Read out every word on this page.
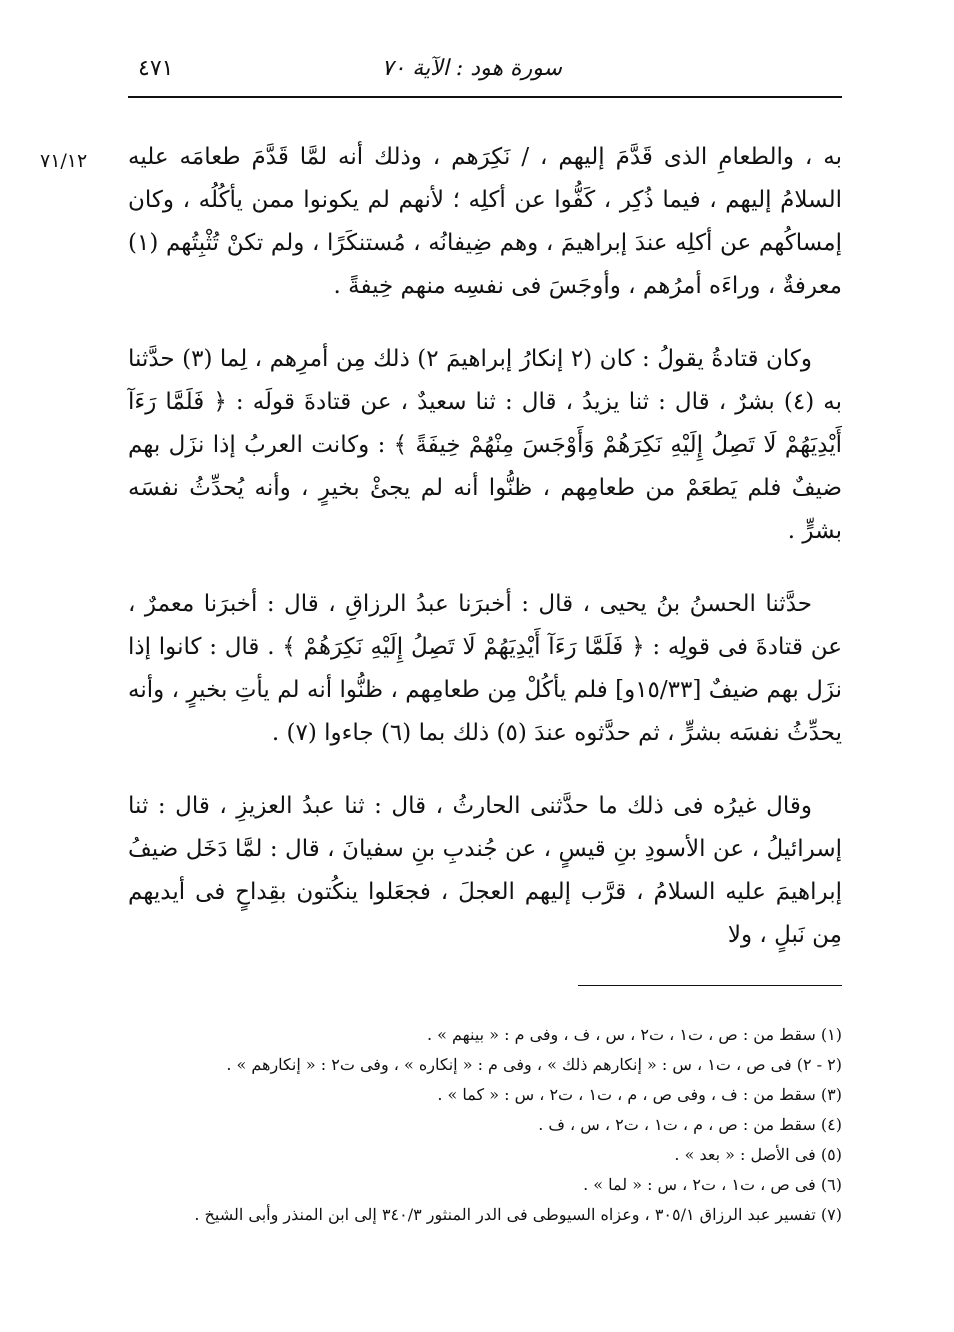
سورة هود : الآية ٧٠
٤٧١
٧١/١٢ به ، والطعامِ الذى قَدَّمَ إليهم ، / نَكِرَهم ، وذلك أنه لمَّا قَدَّمَ طعامَه عليه السلامُ إليهم ، فيما ذُكِر ، كَفُّوا عن أكلِه ؛ لأنهم لم يكونوا ممن يأكُلُه ، وكان إمساكُهم عن أكلِه عندَ إبراهيمَ ، وهم ضِيفانُه ، مُستنكَرًا ، ولم تكنْ تُثْبِتُهم (١) معرفةٌ ، وراءَه أمرُهم ، وأوجَسَ فى نفسِه منهم خِيفةً .

وكان قتادةُ يقولُ : كان (٢ إنكارُ إبراهيمَ ٢) ذلك مِن أمرِهم ، لِما (٣) حدَّثنا به (٤) بشرٌ ، قال : ثنا يزيدُ ، قال : ثنا سعيدٌ ، عن قتادةَ قولَه : ﴿ فَلَمَّا رَءَآ أَيْدِيَهُمْ لَا تَصِلُ إِلَيْهِ نَكِرَهُمْ وَأَوْجَسَ مِنْهُمْ خِيفَةً ﴾ : وكانت العربُ إذا نزَل بهم ضيفٌ فلم يَطعَمْ من طعامِهم ، ظنُّوا أنه لم يجئْ بخيرٍ ، وأنه يُحدِّثُ نفسَه بشرٍّ .

حدَّثنا الحسنُ بنُ يحيى ، قال : أخبرَنا عبدُ الرزاقِ ، قال : أخبرَنا معمرٌ ، عن قتادةَ فى قولِه : ﴿ فَلَمَّا رَءَآ أَيْدِيَهُمْ لَا تَصِلُ إِلَيْهِ نَكِرَهُمْ ﴾ . قال : كانوا إذا نزَل بهم ضيفٌ [١٥/٣٣و] فلم يأكُلْ مِن طعامِهم ، ظنُّوا أنه لم يأتِ بخيرٍ ، وأنه يحدِّثُ نفسَه بشرٍّ ، ثم حدَّثوه عندَ (٥) ذلك بما (٦) جاءوا (٧) .

وقال غيرُه فى ذلك ما حدَّثنى الحارثُ ، قال : ثنا عبدُ العزيزِ ، قال : ثنا إسرائيلُ ، عن الأسودِ بنِ قيسٍ ، عن جُندبِ بنِ سفيانَ ، قال : لمَّا دَخَل ضيفُ إبراهيمَ عليه السلامُ ، قرَّب إليهم العجلَ ، فجعَلوا ينكُتون بقِداحٍ فى أيديهم مِن نَبلٍ ، ولا

(١) سقط من : ص ، ت١ ، ت٢ ، س ، ف ، وفى م : « بينهم » .
(٢ - ٢) فى ص ، ت١ ، س : « إنكارهم ذلك » ، وفى م : « إنكاره » ، وفى ت٢ : « إنكارهم » .
(٣) سقط من : ف ، وفى ص ، م ، ت١ ، ت٢ ، س : « كما » .
(٤) سقط من : ص ، م ، ت١ ، ت٢ ، س ، ف .
(٥) فى الأصل : « بعد » .
(٦) فى ص ، ت١ ، ت٢ ، س : « لما » .
(٧) تفسير عبد الرزاق ٣٠٥/١ ، وعزاه السيوطى فى الدر المنثور ٣٤٠/٣ إلى ابن المنذر وأبى الشيخ .
